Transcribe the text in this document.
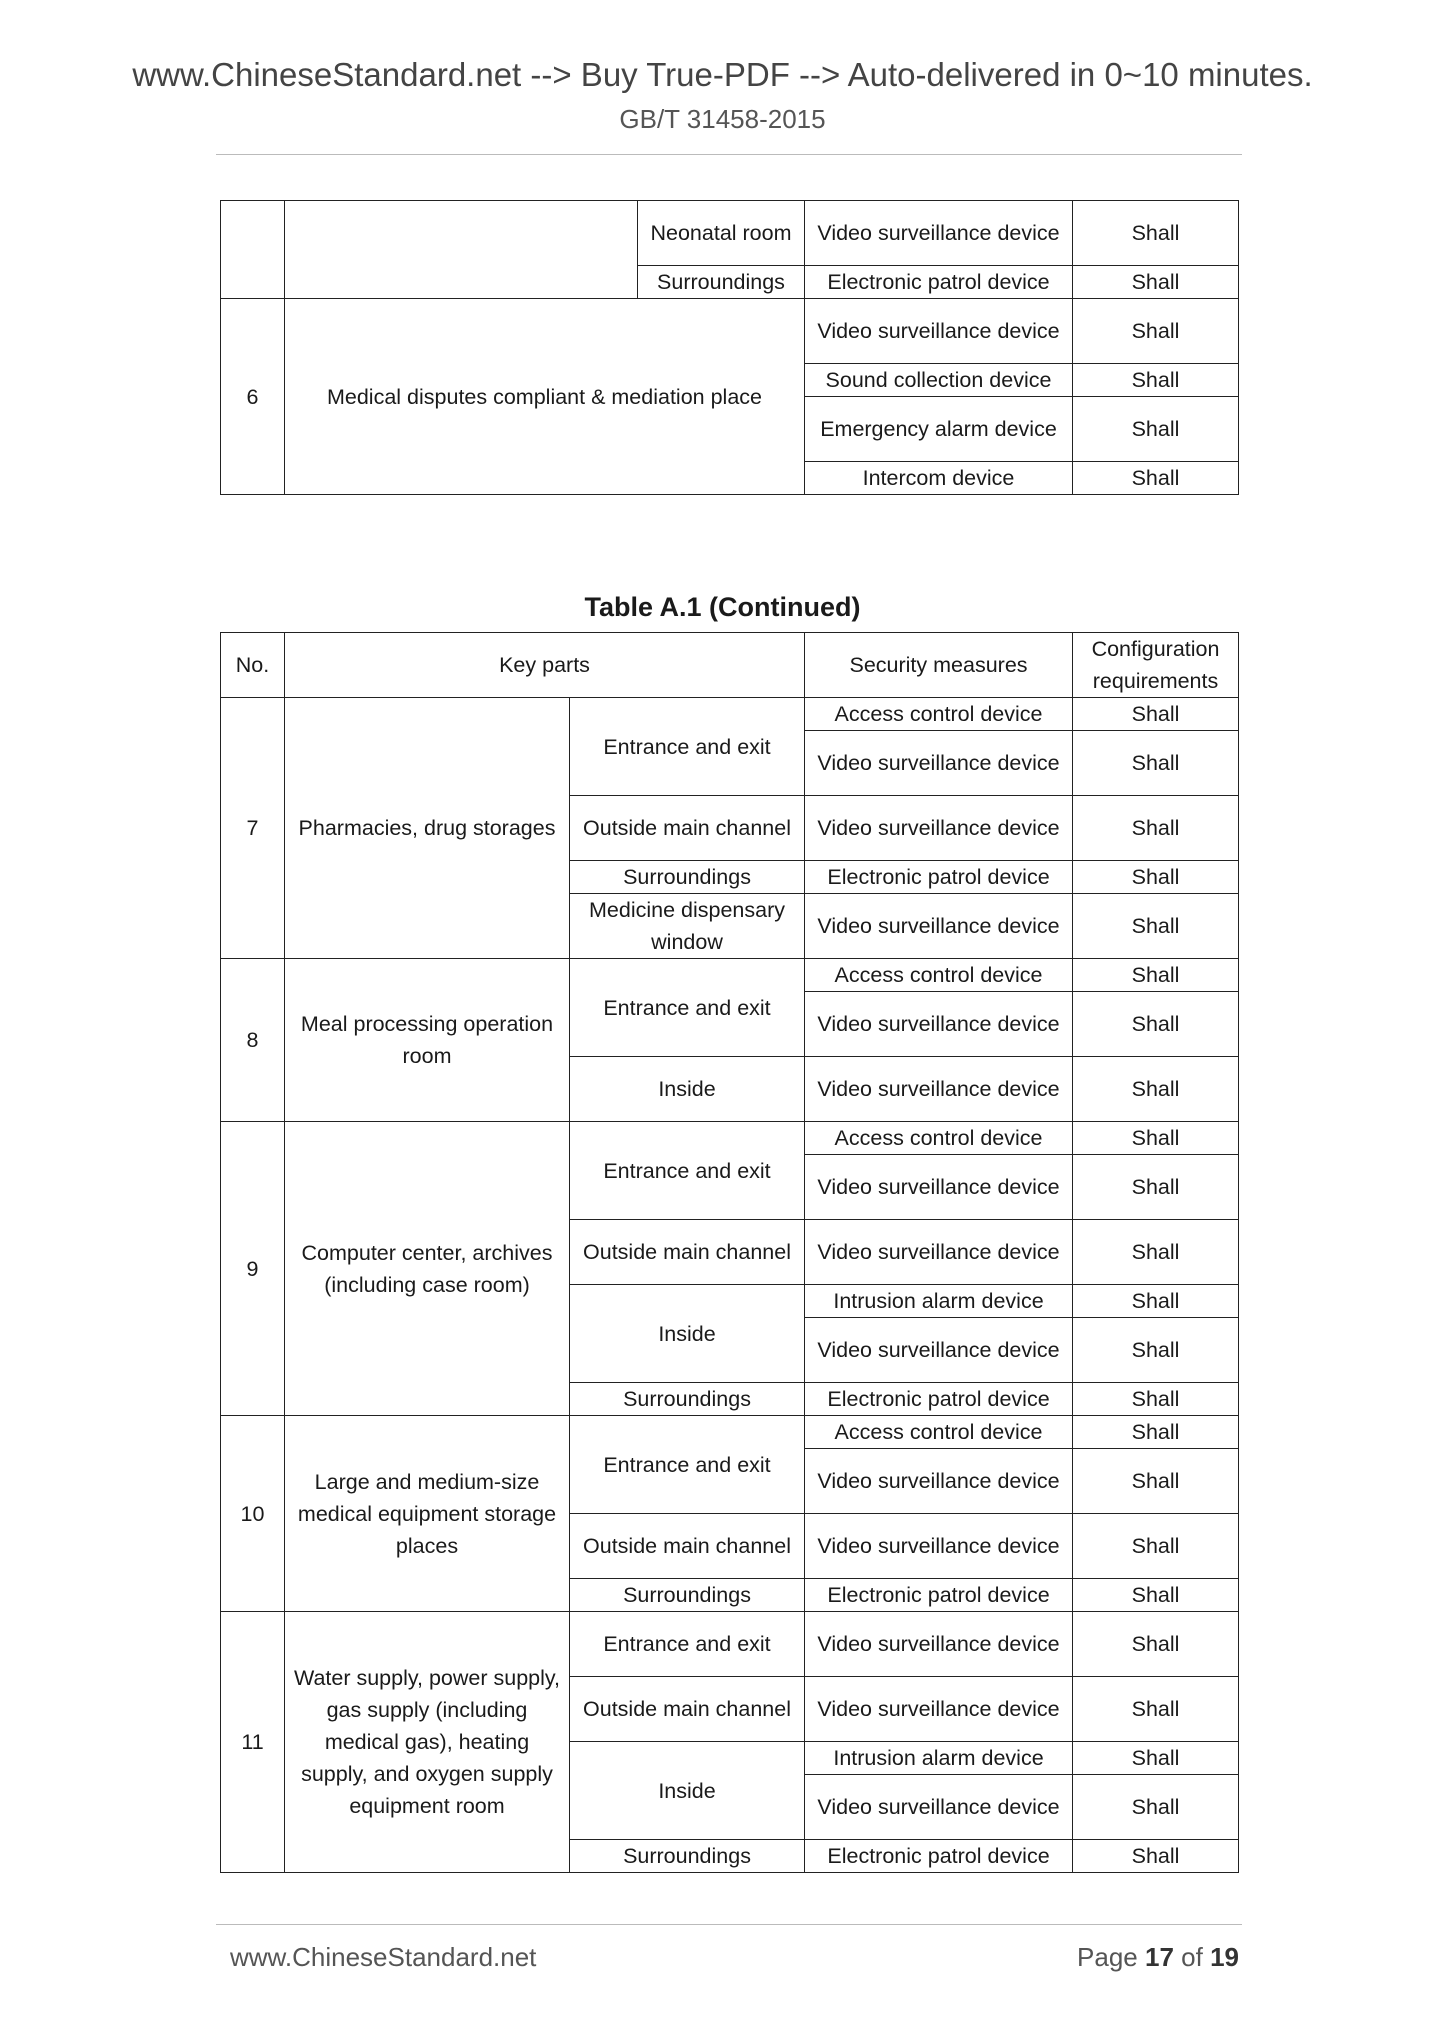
www.ChineseStandard.net --> Buy True-PDF --> Auto-delivered in 0~10 minutes.
GB/T 31458-2015
		Neonatal room	Video surveillance device	Shall
		Surroundings	Electronic patrol device	Shall
6	Medical disputes compliant & mediation place		Video surveillance device	Shall
			Sound collection device	Shall
			Emergency alarm device	Shall
			Intercom device	Shall
Table A.1 (Continued)
No.	Key parts		Security measures	Configuration requirements
7	Pharmacies, drug storages	Entrance and exit	Access control device	Shall
			Video surveillance device	Shall
		Outside main channel	Video surveillance device	Shall
		Surroundings	Electronic patrol device	Shall
		Medicine dispensary window	Video surveillance device	Shall

8	Meal processing operation room	Entrance and exit	Access control device	Shall
			Video surveillance device	Shall
		Inside	Video surveillance device	Shall
9	Computer center, archives (including case room)	Entrance and exit	Access control device	Shall
			Video surveillance device	Shall
		Outside main channel	Video surveillance device	Shall
		Inside	Intrusion alarm device	Shall
			Video surveillance device	Shall
		Surroundings	Electronic patrol device	Shall
10	Large and medium-size medical equipment storage places	Entrance and exit	Access control device	Shall
			Video surveillance device	Shall
		Outside main channel	Video surveillance device	Shall
		Surroundings	Electronic patrol device	Shall
11	Water supply, power supply, gas supply (including medical gas), heating supply, and oxygen supply equipment room	Entrance and exit	Video surveillance device	Shall
		Outside main channel	Video surveillance device	Shall
		Inside	Intrusion alarm device	Shall
			Video surveillance device	Shall
		Surroundings	Electronic patrol device	Shall
www.ChineseStandard.net	Page 17 of 19
